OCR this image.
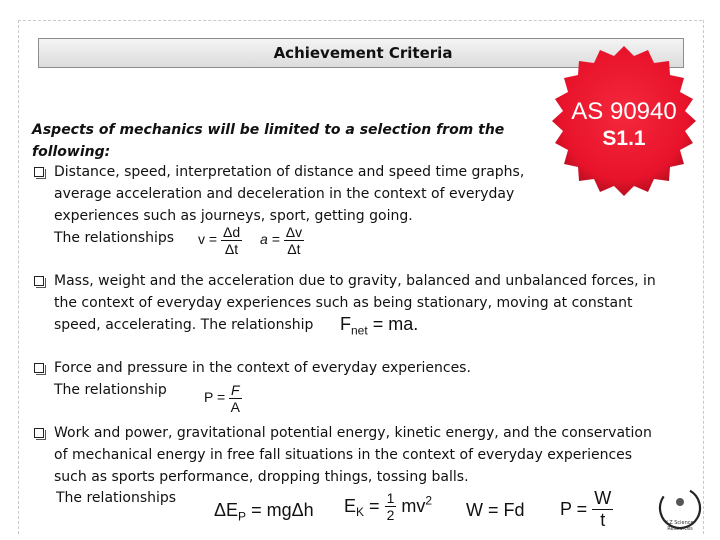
Achievement Criteria
AS 90940
S1.1
Aspects of mechanics will be limited to a selection from the
following:
Distance, speed, interpretation of distance and speed time graphs,
average acceleration and deceleration in the context of everyday
experiences such as journeys, sport, getting going.
The relationships $v = \frac{\Delta d}{\Delta t}$ $a = \frac{\Delta v}{\Delta t}$
Mass, weight and the acceleration due to gravity, balanced and unbalanced forces, in
the context of everyday experiences such as being stationary, moving at constant
speed, accelerating. The relationship $F_{net}$ = ma.
Force and pressure in the context of everyday experiences.
The relationship	$P = \frac{F}{A}$
Work and power, gravitational potential energy, kinetic energy, and the conservation
of mechanical energy in free fall situations in the context of everyday experiences
such as sports performance, dropping things, tossing balls.
The relationships
$\Delta E_P = mg\Delta h$ $E_K = \frac{1}{2} mv^2$ W = Fd $P = \frac{W}{t}$	LZ Science
Resources
